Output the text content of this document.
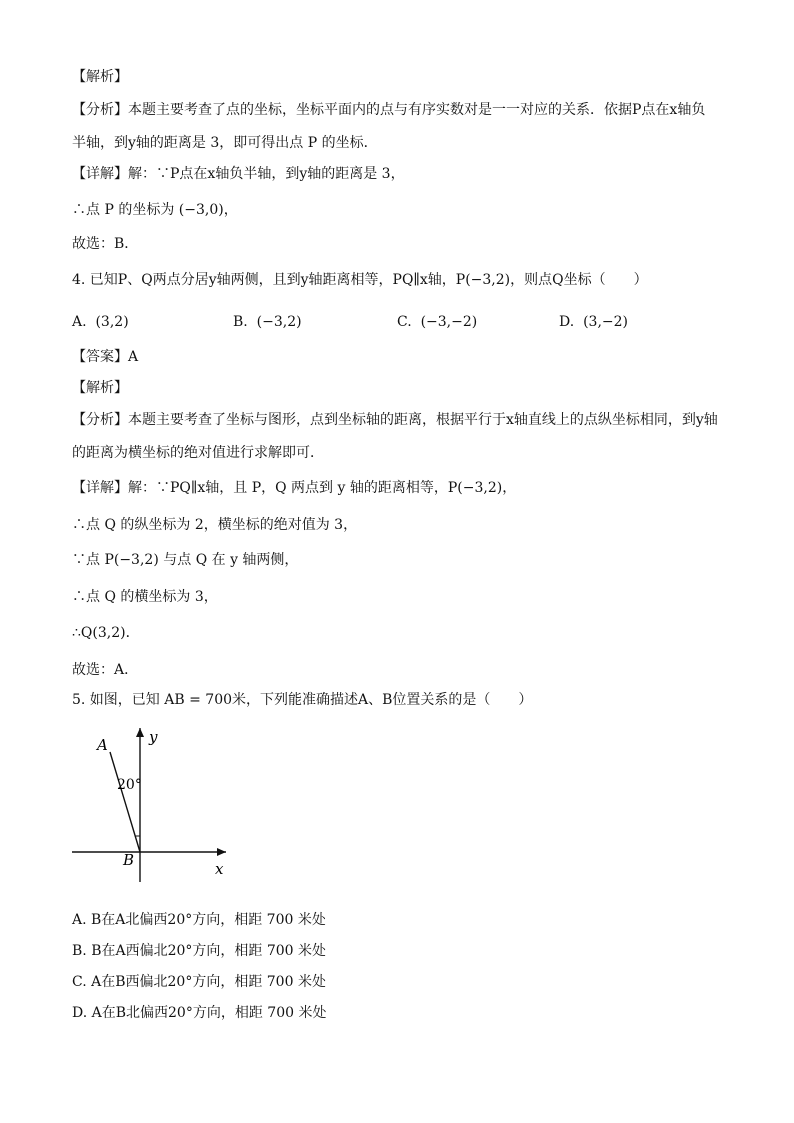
【解析】
【分析】本题主要考查了点的坐标，坐标平面内的点与有序实数对是一一对应的关系．依据P点在x轴负
半轴，到y轴的距离是 3，即可得出点 P 的坐标．
【详解】解：∵P点在x轴负半轴，到y轴的距离是 3，
∴点 P 的坐标为 (−3,0)，
故选：B．
4. 已知P、Q两点分居y轴两侧，且到y轴距离相等，PQ∥x轴，P(−3,2)，则点Q坐标（　　）
A. (3,2)	B. (−3,2)	C. (−3,−2)	D. (3,−2)
【答案】A
【解析】
【分析】本题主要考查了坐标与图形，点到坐标轴的距离，根据平行于x轴直线上的点纵坐标相同，到y轴
的距离为横坐标的绝对值进行求解即可．
【详解】解：∵PQ∥x轴，且 P，Q 两点到 y 轴的距离相等，P(−3,2)，
∴点 Q 的纵坐标为 2，横坐标的绝对值为 3，
∵点 P(−3,2) 与点 Q 在 y 轴两侧，
∴点 Q 的横坐标为 3，
∴Q(3,2)．
故选：A．
5. 如图，已知 AB = 700米，下列能准确描述A、B位置关系的是（　　）
A
B	x
y
20°
A. B在A北偏西20°方向，相距 700 米处
B. B在A西偏北20°方向，相距 700 米处
C. A在B西偏北20°方向，相距 700 米处
D. A在B北偏西20°方向，相距 700 米处
